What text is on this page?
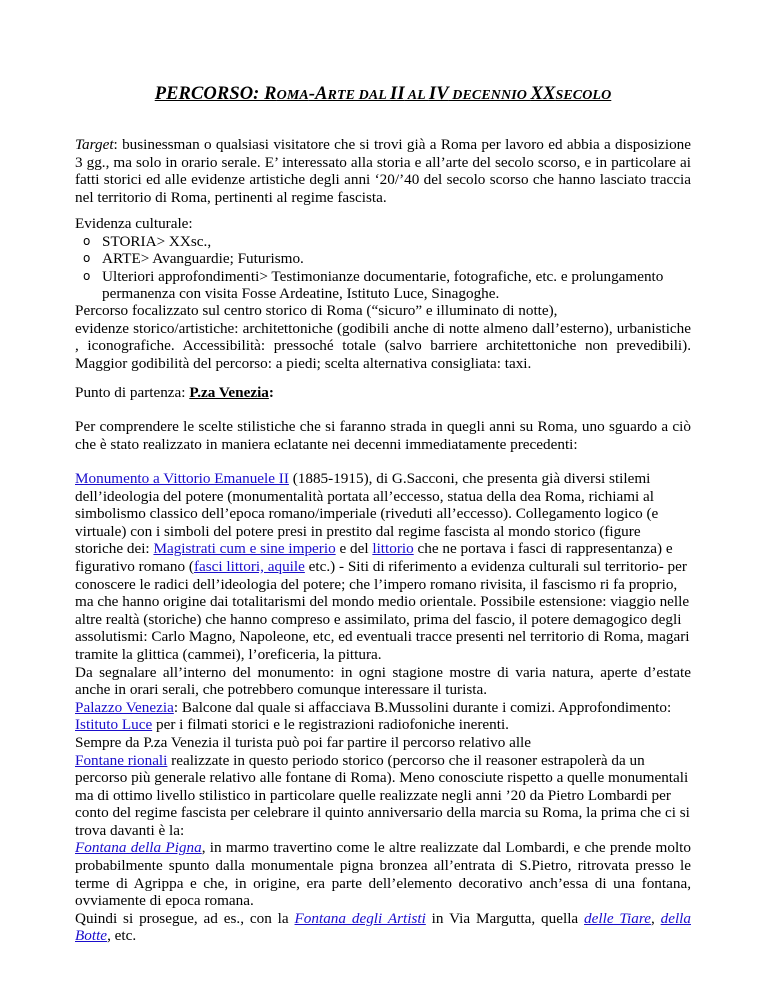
PERCORSO: ROMA-ARTE DAL II AL IV DECENNIO XXSECOLO

Target: businessman o qualsiasi visitatore che si trovi già a Roma per lavoro ed abbia a disposizione 3 gg., ma solo in orario serale. E’ interessato alla storia e all’arte del secolo scorso, e in particolare ai fatti storici ed alle evidenze artistiche degli anni ‘20/’40 del secolo scorso che hanno lasciato traccia nel territorio di Roma, pertinenti al regime fascista.

Evidenza culturale:

o STORIA> XXsc.,
o ARTE> Avanguardie; Futurismo.
o Ulteriori approfondimenti> Testimonianze documentarie, fotografiche, etc. e prolungamento permanenza con visita Fosse Ardeatine, Istituto Luce, Sinagoghe.

Percorso focalizzato sul centro storico di Roma (“sicuro” e illuminato di notte),

evidenze storico/artistiche: architettoniche (godibili anche di notte almeno dall’esterno), urbanistiche , iconografiche. Accessibilità: pressoché totale (salvo barriere architettoniche non prevedibili). Maggior godibilità del percorso: a piedi; scelta alternativa consigliata: taxi.

Punto di partenza: P.za Venezia:

Per comprendere le scelte stilistiche che si faranno strada in quegli anni su Roma, uno sguardo a ciò che è stato realizzato in maniera eclatante nei decenni immediatamente precedenti:

Monumento a Vittorio Emanuele II (1885-1915), di G.Sacconi, che presenta già diversi stilemi dell’ideologia del potere (monumentalità portata all’eccesso, statua della dea Roma, richiami al simbolismo classico dell’epoca romano/imperiale (riveduti all’eccesso). Collegamento logico (e virtuale) con i simboli del potere presi in prestito dal regime fascista al mondo storico (figure storiche dei: Magistrati cum e sine imperio e del littorio che ne portava i fasci di rappresentanza) e figurativo romano (fasci littori, aquile etc.) - Siti di riferimento a evidenza culturali sul territorio- per conoscere le radici dell’ideologia del potere; che l’impero romano rivisita, il fascismo ri fa proprio, ma che hanno origine dai totalitarismi del mondo medio orientale. Possibile estensione: viaggio nelle altre realtà (storiche) che hanno compreso e assimilato, prima del fascio, il potere demagogico degli assolutismi: Carlo Magno, Napoleone, etc, ed eventuali tracce presenti nel territorio di Roma, magari tramite la glittica (cammei), l’oreficeria, la pittura.

Da segnalare all’interno del monumento: in ogni stagione mostre di varia natura, aperte d’estate anche in orari serali, che potrebbero comunque interessare il turista.

Palazzo Venezia: Balcone dal quale si affacciava B.Mussolini durante i comizi. Approfondimento: Istituto Luce per i filmati storici e le registrazioni radiofoniche inerenti.

Sempre da P.za Venezia il turista può poi far partire il percorso relativo alle

Fontane rionali realizzate in questo periodo storico (percorso che il reasoner estrapolerà da un percorso più generale relativo alle fontane di Roma). Meno conosciute rispetto a quelle monumentali ma di ottimo livello stilistico in particolare quelle realizzate negli anni ’20 da Pietro Lombardi per conto del regime fascista per celebrare il quinto anniversario della marcia su Roma, la prima che ci si trova davanti è la:

Fontana della Pigna, in marmo travertino come le altre realizzate dal Lombardi, e che prende molto probabilmente spunto dalla monumentale pigna bronzea all’entrata di S.Pietro, ritrovata presso le terme di Agrippa e che, in origine, era parte dell’elemento decorativo anch’essa di una fontana, ovviamente di epoca romana.

Quindi si prosegue, ad es., con la Fontana degli Artisti in Via Margutta, quella delle Tiare, della Botte, etc.
